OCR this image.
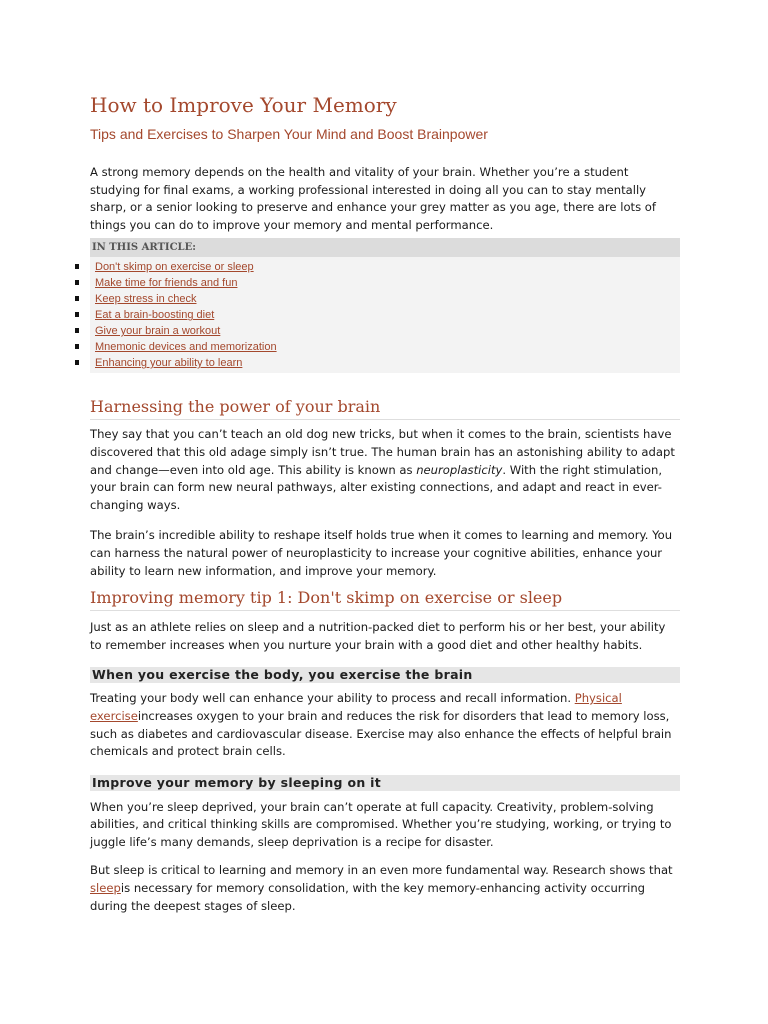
How to Improve Your Memory
Tips and Exercises to Sharpen Your Mind and Boost Brainpower

A strong memory depends on the health and vitality of your brain. Whether you’re a student studying for final exams, a working professional interested in doing all you can to stay mentally sharp, or a senior looking to preserve and enhance your grey matter as you age, there are lots of things you can do to improve your memory and mental performance.

IN THIS ARTICLE:
Don't skimp on exercise or sleep
Make time for friends and fun
Keep stress in check
Eat a brain-boosting diet
Give your brain a workout
Mnemonic devices and memorization
Enhancing your ability to learn
Harnessing the power of your brain

They say that you can’t teach an old dog new tricks, but when it comes to the brain, scientists have discovered that this old adage simply isn’t true. The human brain has an astonishing ability to adapt and change—even into old age. This ability is known as neuroplasticity. With the right stimulation, your brain can form new neural pathways, alter existing connections, and adapt and react in ever-changing ways.

The brain’s incredible ability to reshape itself holds true when it comes to learning and memory. You can harness the natural power of neuroplasticity to increase your cognitive abilities, enhance your ability to learn new information, and improve your memory.

Improving memory tip 1: Don't skimp on exercise or sleep

Just as an athlete relies on sleep and a nutrition-packed diet to perform his or her best, your ability to remember increases when you nurture your brain with a good diet and other healthy habits.

When you exercise the body, you exercise the brain

Treating your body well can enhance your ability to process and recall information. Physical exerciseincreases oxygen to your brain and reduces the risk for disorders that lead to memory loss, such as diabetes and cardiovascular disease. Exercise may also enhance the effects of helpful brain chemicals and protect brain cells.

Improve your memory by sleeping on it

When you’re sleep deprived, your brain can’t operate at full capacity. Creativity, problem-solving abilities, and critical thinking skills are compromised. Whether you’re studying, working, or trying to juggle life’s many demands, sleep deprivation is a recipe for disaster.

But sleep is critical to learning and memory in an even more fundamental way. Research shows that sleepis necessary for memory consolidation, with the key memory-enhancing activity occurring during the deepest stages of sleep.
